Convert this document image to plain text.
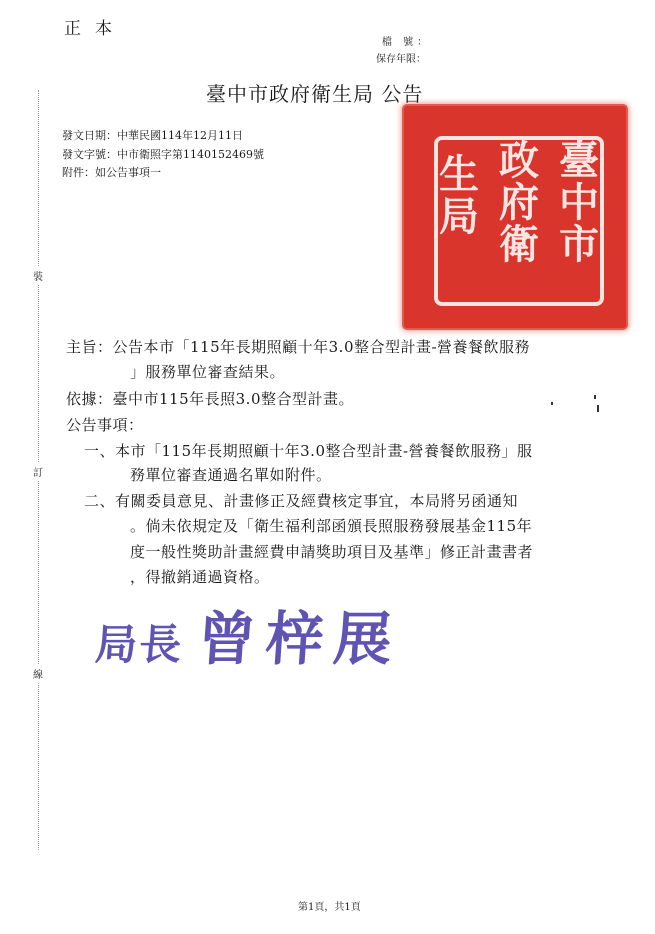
正本
檔 號：
保存年限：
臺中市政府衛生局 公告
發文日期：中華民國114年12月11日
發文字號：中市衛照字第1140152469號
附件：如公告事項一
裝
訂
線
臺中市
政府衛
生局
主旨：公告本市「115年長期照顧十年3.0整合型計畫-營養餐飲服務
」服務單位審查結果。
依據：臺中市115年長照3.0整合型計畫。
公告事項：
一、本市「115年長期照顧十年3.0整合型計畫-營養餐飲服務」服
務單位審查通過名單如附件。
二、有關委員意見、計畫修正及經費核定事宜，本局將另函通知
。倘未依規定及「衛生福利部函頒長照服務發展基金115年
度一般性獎助計畫經費申請獎助項目及基準」修正計畫書者
，得撤銷通過資格。
局長 曾梓展
第1頁，共1頁
